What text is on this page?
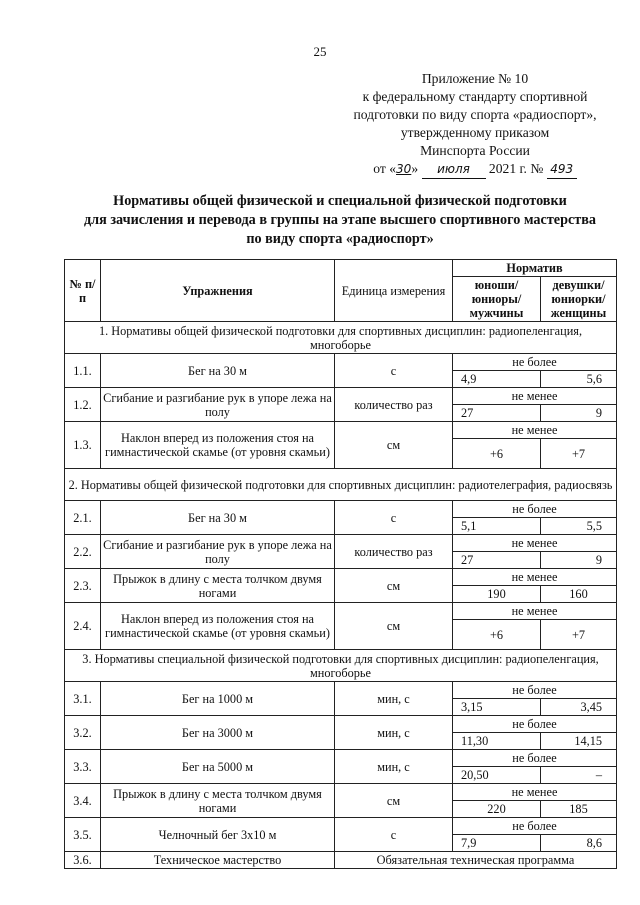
25
Приложение № 10
к федеральному стандарту спортивной
подготовки по виду спорта «радиоспорт»,
утвержденному приказом
Минспорта России
от «30» июля 2021 г. № 493
Нормативы общей физической и специальной физической подготовки
для зачисления и перевода в группы на этапе высшего спортивного мастерства
по виду спорта «радиоспорт»
№ п/п	Упражнения	Единица измерения	Норматив	
			юноши/ юниоры/ мужчины	девушки/ юниорки/ женщины
1. Нормативы общей физической подготовки для спортивных дисциплин: радиопеленгация, многоборье				
1.1.	Бег на 30 м	с	не более	
			4,9	5,6
1.2.	Сгибание и разгибание рук в упоре лежа на полу	количество раз	не менее	
			27	9
1.3.	Наклон вперед из положения стоя на гимнастической скамье (от уровня скамьи)	см	не менее	
			+6	+7
2. Нормативы общей физической подготовки для спортивных дисциплин: радиотелеграфия, радиосвязь				
2.1.	Бег на 30 м	с	не более	
			5,1	5,5
2.2.	Сгибание и разгибание рук в упоре лежа на полу	количество раз	не менее	
			27	9
2.3.	Прыжок в длину с места толчком двумя ногами	см	не менее	
			190	160
2.4.	Наклон вперед из положения стоя на гимнастической скамье (от уровня скамьи)	см	не менее	
			+6	+7
3. Нормативы специальной физической подготовки для спортивных дисциплин: радиопеленгация, многоборье				
3.1.	Бег на 1000 м	мин, с	не более	
			3,15	3,45
3.2.	Бег на 3000 м	мин, с	не более	
			11,30	14,15
3.3.	Бег на 5000 м	мин, с	не более	
			20,50	–
3.4.	Прыжок в длину с места толчком двумя ногами	см	не менее	
			220	185
3.5.	Челночный бег 3x10 м	с	не более	
			7,9	8,6
3.6.	Техническое мастерство	Обязательная техническая программа		
